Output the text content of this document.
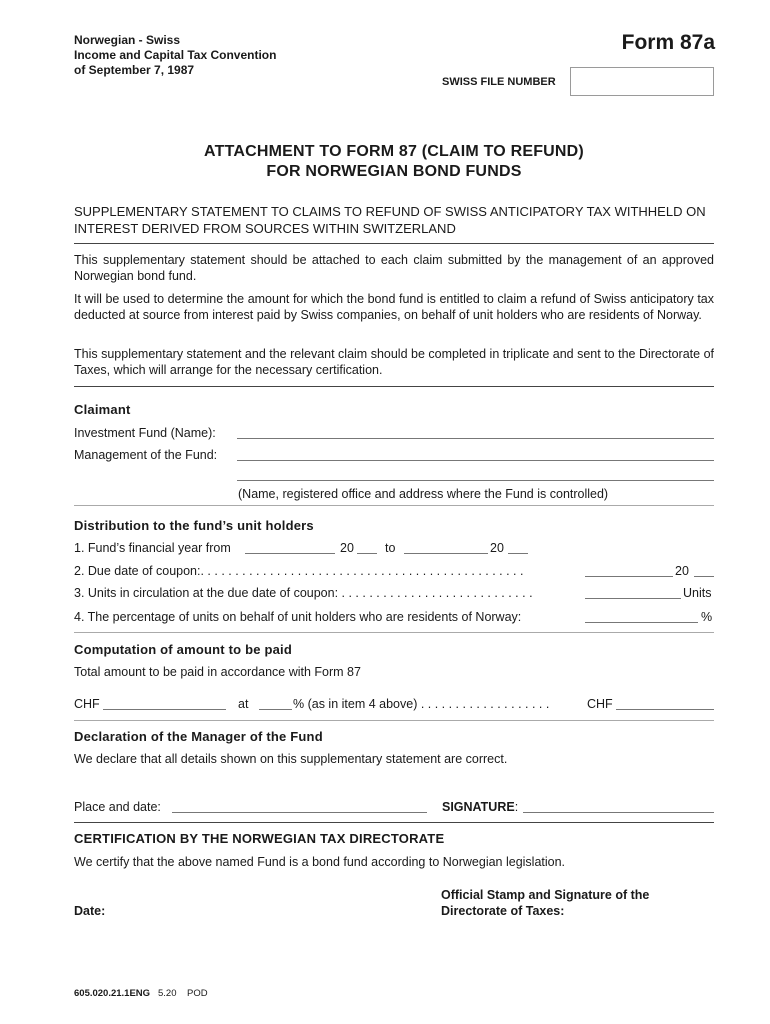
Norwegian - Swiss
Income and Capital Tax Convention
of September 7, 1987
Form 87a
SWISS FILE NUMBER
ATTACHMENT TO FORM 87 (CLAIM TO REFUND)
FOR NORWEGIAN BOND FUNDS
SUPPLEMENTARY STATEMENT TO CLAIMS TO REFUND OF SWISS ANTICIPATORY TAX WITHHELD ON INTEREST DERIVED FROM SOURCES WITHIN SWITZERLAND
This supplementary statement should be attached to each claim submitted by the management of an approved Norwegian bond fund.
It will be used to determine the amount for which the bond fund is entitled to claim a refund of Swiss anticipatory tax deducted at source from interest paid by Swiss companies, on behalf of unit holders who are residents of Norway.
This supplementary statement and the relevant claim should be completed in triplicate and sent to the Directorate of Taxes, which will arrange for the necessary certification.
Claimant
Investment Fund (Name):
Management of the Fund:
(Name, registered office and address where the Fund is controlled)
Distribution to the fund’s unit holders
1. Fund’s financial year from	20 to	20
2. Due date of coupon:. . . . . . . . . . . . . . . . . . . . . . . . . . . . . . . . . . . . . . . . . . . . . . .	20
3. Units in circulation at the due date of coupon: . . . . . . . . . . . . . . . . . . . . . . . . . . . .	Units
4. The percentage of units on behalf of unit holders who are residents of Norway:	%
Computation of amount to be paid
Total amount to be paid in accordance with Form 87
CHF	at	% (as in item 4 above) . . . . . . . . . . . . . . . . . . .	CHF
Declaration of the Manager of the Fund
We declare that all details shown on this supplementary statement are correct.
Place and date:	SIGNATURE:
CERTIFICATION BY THE NORWEGIAN TAX DIRECTORATE
We certify that the above named Fund is a bond fund according to Norwegian legislation.
Date:
Official Stamp and Signature of the
Directorate of Taxes:
605.020.21.1ENG 5.20 POD
